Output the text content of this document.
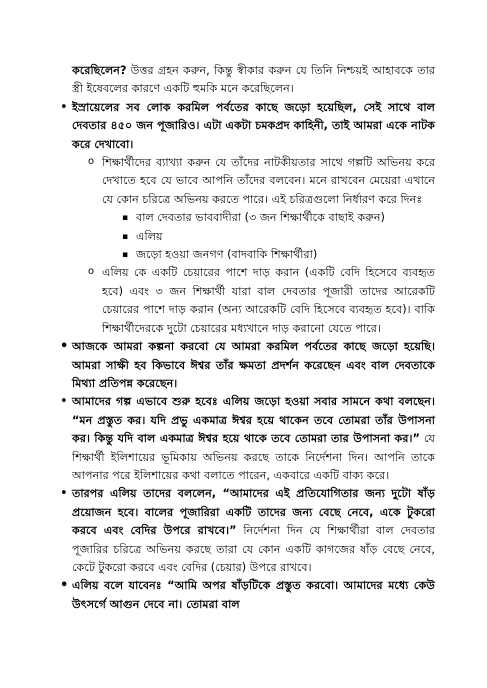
করেছিলেন? উত্তর গ্রহন করুন, কিন্তু স্বীকার করুন যে তিনি নিশ্চয়ই আহাবকে তার স্ত্রী ইষেবলের কারণে একটি হুমকি মনে করেছিলেন।

• ইস্রায়েলের সব লোক করমিল পর্বতের কাছে জড়ো হয়েছিল, সেই সাথে বাল দেবতার ৪৫০ জন পূজারিও। এটা একটা চমকপ্রদ কাহিনী, তাই আমরা একে নাটক করে দেখাবো।

o শিক্ষার্থীদের ব্যাখ্যা করুন যে তাঁদের নাটকীয়তার সাথে গল্পটি অভিনয় করে দেখাতে হবে যে ভাবে আপনি তাঁদের বলবেন। মনে রাখবেন মেয়েরা এখানে যে কোন চরিত্রে অভিনয় করতে পারে। এই চরিত্রগুলো নির্ধারণ করে দিনঃ

▪ বাল দেবতার ভাববাদীরা (৩ জন শিক্ষার্থীকে বাছাই করুন)
▪ এলিয়
▪ জড়ো হওয়া জনগণ (বাদবাকি শিক্ষার্থীরা)

o এলিয় কে একটি চেয়ারের পাশে দাড় করান (একটি বেদি হিসেবে ব্যবহৃত হবে) এবং ৩ জন শিক্ষার্থী যারা বাল দেবতার পূজারী তাদের আরেকটি চেয়ারের পাশে দাড় করান (অন্য আরেকটি বেদি হিসেবে ব্যবহৃত হবে)। বাকি শিক্ষার্থীদেরকে দুটো চেয়ারের মধ্যখানে দাড় করানো যেতে পারে।

• আজকে আমরা কল্পনা করবো যে আমরা করমিল পর্বতের কাছে জড়ো হয়েছি। আমরা সাক্ষী হব কিভাবে ঈশ্বর তাঁর ক্ষমতা প্রদর্শন করেছেন এবং বাল দেবতাকে মিথ্যা প্রতিপন্ন করেছেন।
• আমাদের গল্প এভাবে শুরু হবেঃ এলিয় জড়ো হওয়া সবার সামনে কথা বলছেন। “মন প্রস্তুত কর। যদি প্রভু একমাত্র ঈশ্বর হয়ে থাকেন তবে তোমরা তাঁর উপাসনা কর। কিন্তু যদি বাল একমাত্র ঈশ্বর হয়ে থাকে তবে তোমরা তার উপাসনা কর।” যে শিক্ষার্থী ইলিশায়ের ভূমিকায় অভিনয় করছে তাকে নির্দেশনা দিন। আপনি তাকে আপনার পরে ইলিশায়ের কথা বলাতে পারেন, একবারে একটি বাক্য করে।
• তারপর এলিয় তাদের বললেন, “আমাদের এই প্রতিযোগিতার জন্য দুটো ষাঁড় প্রয়োজন হবে। বালের পূজারিরা একটি তাদের জন্য বেছে নেবে, একে টুকরো করবে এবং বেদির উপরে রাখবে।” নির্দেশনা দিন যে শিক্ষার্থীরা বাল দেবতার পূজারির চরিত্রে অভিনয় করছে তারা যে কোন একটি কাগজের ষাঁড় বেছে নেবে, কেটে টুকরো করবে এবং বেদির (চেয়ার) উপরে রাখবে।
• এলিয় বলে যাবেনঃ “আমি অপর ষাঁড়টিকে প্রস্তুত করবো। আমাদের মধ্যে কেউ উৎসর্গে আগুন দেবে না। তোমরা বাল
